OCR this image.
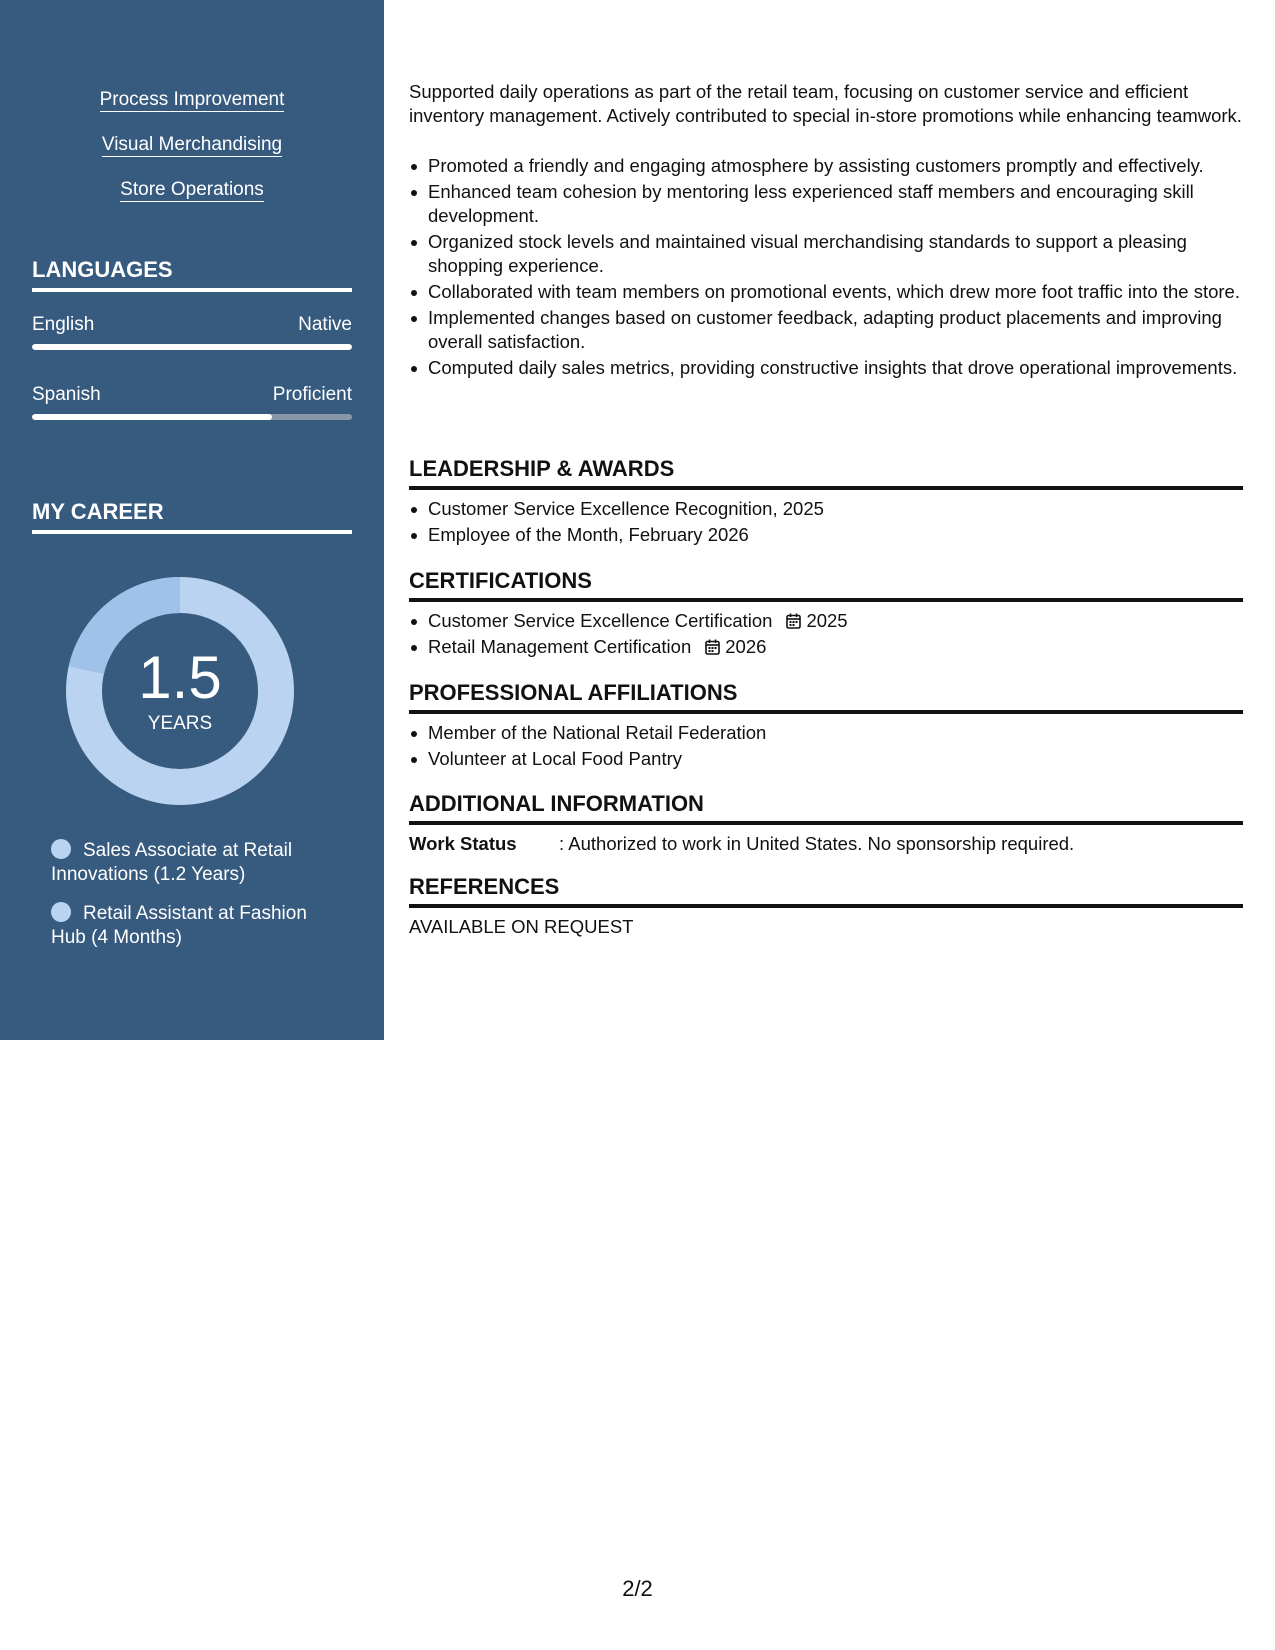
Process Improvement
Visual Merchandising
Store Operations
LANGUAGES
English	Native
Spanish	Proficient
MY CAREER
1.5
YEARS
Sales Associate at Retail Innovations (1.2 Years)
Retail Assistant at Fashion Hub (4 Months)
Supported daily operations as part of the retail team, focusing on customer service and efficient inventory management. Actively contributed to special in-store promotions while enhancing teamwork.
Promoted a friendly and engaging atmosphere by assisting customers promptly and effectively.
Enhanced team cohesion by mentoring less experienced staff members and encouraging skill development.
Organized stock levels and maintained visual merchandising standards to support a pleasing shopping experience.
Collaborated with team members on promotional events, which drew more foot traffic into the store.
Implemented changes based on customer feedback, adapting product placements and improving overall satisfaction.
Computed daily sales metrics, providing constructive insights that drove operational improvements.
LEADERSHIP & AWARDS
Customer Service Excellence Recognition, 2025
Employee of the Month, February 2026
CERTIFICATIONS
Customer Service Excellence Certification 2025
Retail Management Certification 2026
PROFESSIONAL AFFILIATIONS
Member of the National Retail Federation
Volunteer at Local Food Pantry
ADDITIONAL INFORMATION
Work Status : Authorized to work in United States. No sponsorship required.
REFERENCES
AVAILABLE ON REQUEST
2/2
